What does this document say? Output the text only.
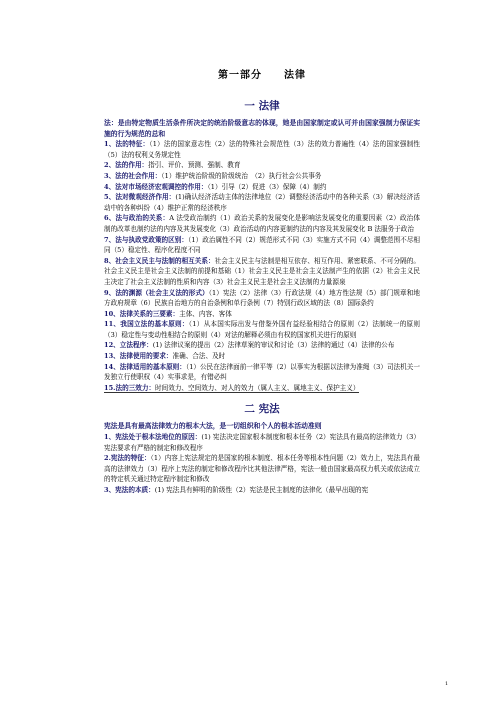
第一部分　　法律
一 法律

法：是由特定物质生活条件所决定的统治阶级意志的体现，她是由国家制定或认可并由国家强制力保证实施的行为规范的总和

1、法的特征：（1）法的国家意志性（2）法的特殊社会规范性（3）法的效力普遍性（4）法的国家强制性（5）法的权利义务规定性

2、法的作用：指引、评价、预测、强制、教育

3、法的社会作用：（1）维护统治阶级的阶级统治　（2）执行社会公共事务

4、法对市场经济宏观调控的作用：（1）引导（2）促进（3）保障（4）制约

5、法对微观经济作用：(1)确认经济活动主体的法律地位（2）调整经济活动中的各种关系（3）解决经济活动中的各种纠纷（4）维护正常的经济秩序

6、法与政治的关系：A 法受政治制约（1）政治关系的发展变化是影响法发展变化的重要因素（2）政治体制的改革也制约法的内容及其发展变化（3）政治活动的内容更制约法的内容及其发展变化 B 法服务于政治

7、法与执政党政策的区别：（1）政治属性不同（2）规范形式不同（3）实施方式不同（4）调整范围不尽相同（5）稳定性、程序化程度不同

8、社会主义民主与法制的相互关系：社会主义民主与法制是相互依存、相互作用、紧密联系、不可分隔的。社会主义民主是社会主义法制的前提和基础（1）社会主义民主是社会主义法制产生的依据（2）社会主义民主决定了社会主义法制的性质和内容（3）社会主义民主是社会主义法制的力量源泉

9、法的渊源（社会主义法的形式）（1）宪法（2）法律（3）行政法规（4）地方性法规（5）部门规章和地方政府规章（6）民族自治地方的自治条例和单行条例（7）特别行政区域的法（8）国际条约

10、法律关系的三要素：主体、内容、客体

11、我国立法的基本原则：（1）从本国实际出发与借鉴外国有益经验相结合的原则（2）法制统一的原则（3）稳定性与变动性相结合的原则（4）对法的解释必须由有权的国家机关进行的原则

12、立法程序：(1) 法律议案的提出（2）法律草案的审议和讨论（3）法律的通过（4）法律的公布

13、法律使用的要求：准确、合法、及时

14、法律适用的基本原则：（1）公民在法律面前一律平等（2）以事实为根据以法律为准绳（3）司法机关一发独立行使职权（4）实事求是，有错必纠

15.法的三效力：时间效力、空间效力、对人的效力（属人主义、属地主义、保护主义）

二 宪法

宪法是具有最高法律效力的根本大法，是一切组织和个人的根本活动准则

1、宪法处于根本法地位的原因：(1) 宪法决定国家根本制度和根本任务（2）宪法具有最高的法律效力（3）宪法要求有严格的制定和修改程序

2.宪法的特征：（1）内容上宪法规定的是国家的根本制度、根本任务等根本性问题（2）效力上，宪法具有最高的法律效力（3）程序上宪法的制定和修改程序比其他法律严格，宪法一般由国家最高权力机关或依法成立的特定机关通过特定程序制定和修改

3、宪法的本质：(1) 宪法具有鲜明的阶级性（2）宪法是民主制度的法律化（最早出现的宪

1
